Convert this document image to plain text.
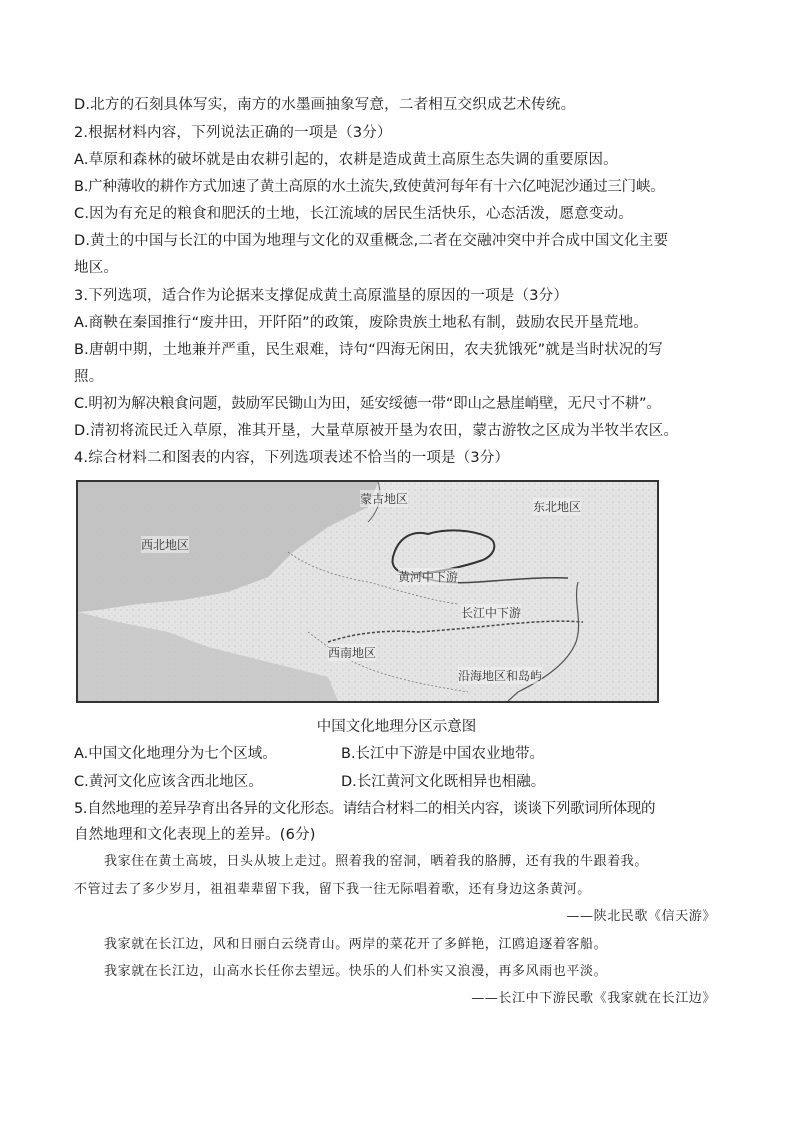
D.北方的石刻具体写实，南方的水墨画抽象写意，二者相互交织成艺术传统。
2.根据材料内容，下列说法正确的一项是（3分）
A.草原和森林的破坏就是由农耕引起的，农耕是造成黄土高原生态失调的重要原因。
B.广种薄收的耕作方式加速了黄土高原的水土流失,致使黄河每年有十六亿吨泥沙通过三门峡。
C.因为有充足的粮食和肥沃的土地，长江流域的居民生活快乐，心态活泼，愿意变动。
D.黄土的中国与长江的中国为地理与文化的双重概念,二者在交融冲突中并合成中国文化主要
地区。
3.下列选项，适合作为论据来支撑促成黄土高原滥垦的原因的一项是（3分）
A.商鞅在秦国推行“废井田，开阡陌”的政策，废除贵族土地私有制，鼓励农民开垦荒地。
B.唐朝中期，土地兼并严重，民生艰难，诗句“四海无闲田，农夫犹饿死”就是当时状况的写
照。
C.明初为解决粮食问题，鼓励军民锄山为田，延安绥德一带“即山之悬崖峭壁，无尺寸不耕”。
D.清初将流民迁入草原，准其开垦，大量草原被开垦为农田，蒙古游牧之区成为半牧半农区。
4.综合材料二和图表的内容，下列选项表述不恰当的一项是（3分）
蒙古地区
东北地区
西北地区
黄河中下游
长江中下游
西南地区
沿海地区和岛屿
中国文化地理分区示意图
A.中国文化地理分为七个区域。	B.长江中下游是中国农业地带。
C.黄河文化应该含西北地区。	D.长江黄河文化既相异也相融。
5.自然地理的差异孕育出各异的文化形态。请结合材料二的相关内容，谈谈下列歌词所体现的
自然地理和文化表现上的差异。(6分)
我家住在黄土高坡，日头从坡上走过。照着我的窑洞，晒着我的胳膊，还有我的牛跟着我。
不管过去了多少岁月，祖祖辈辈留下我，留下我一往无际唱着歌，还有身边这条黄河。
——陕北民歌《信天游》
我家就在长江边，风和日丽白云绕青山。两岸的菜花开了多鲜艳，江鸥追逐着客船。
我家就在长江边，山高水长任你去望远。快乐的人们朴实又浪漫，再多风雨也平淡。
——长江中下游民歌《我家就在长江边》
